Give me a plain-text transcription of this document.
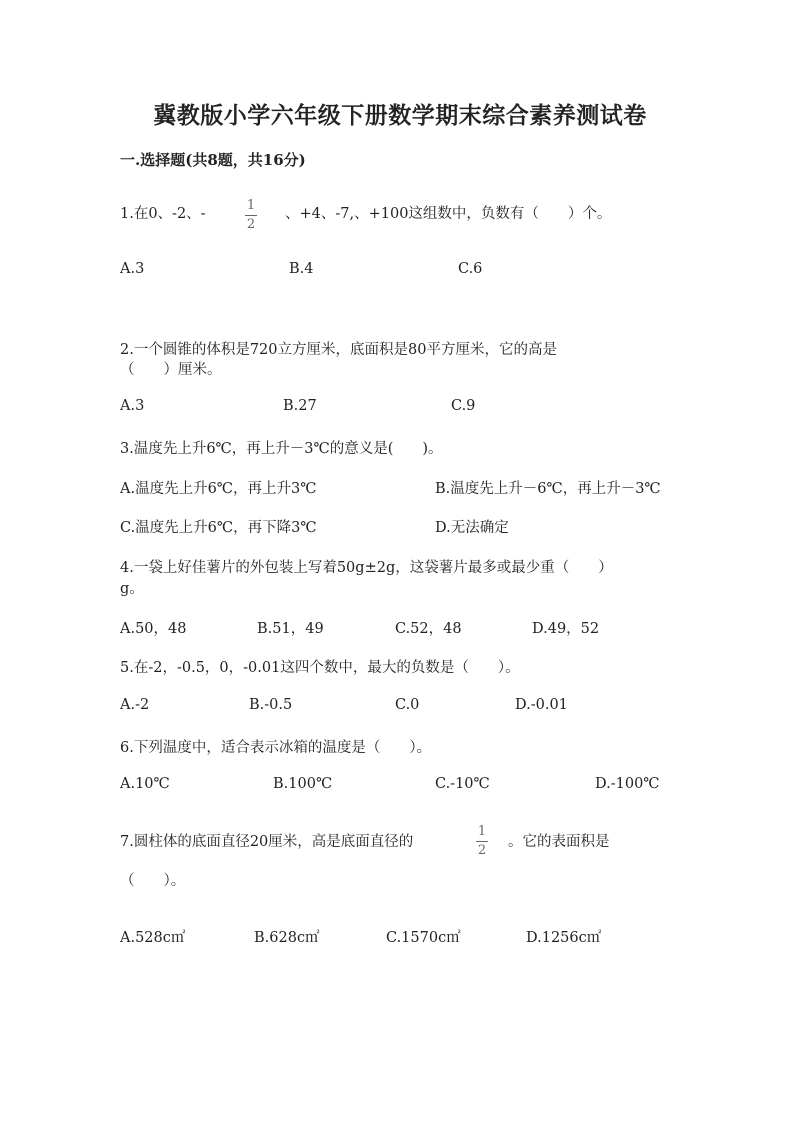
冀教版小学六年级下册数学期末综合素养测试卷
一.选择题(共8题，共16分)
1.在0、-2、-
1
2
、+4、-7,、+100这组数中，负数有（　　）个。
A.3	B.4	C.6
2.一个圆锥的体积是720立方厘米，底面积是80平方厘米，它的高是
（　　）厘米。
A.3	B.27	C.9
3.温度先上升6℃，再上升－3℃的意义是(　　)。
A.温度先上升6℃，再上升3℃	B.温度先上升－6℃，再上升－3℃
C.温度先上升6℃，再下降3℃	D.无法确定
4.一袋上好佳薯片的外包装上写着50g±2g，这袋薯片最多或最少重（　　）
g。
A.50，48	B.51，49	C.52，48	D.49，52
5.在-2，-0.5，0，-0.01这四个数中，最大的负数是（　　）。
A.-2	B.-0.5	C.0	D.-0.01
6.下列温度中，适合表示冰箱的温度是（　　）。
A.10℃	B.100℃	C.-10℃	D.-100℃
7.圆柱体的底面直径20厘米，高是底面直径的
1
2
。它的表面积是
（　　）。
A.528c㎡	B.628c㎡	C.1570c㎡	D.1256c㎡
